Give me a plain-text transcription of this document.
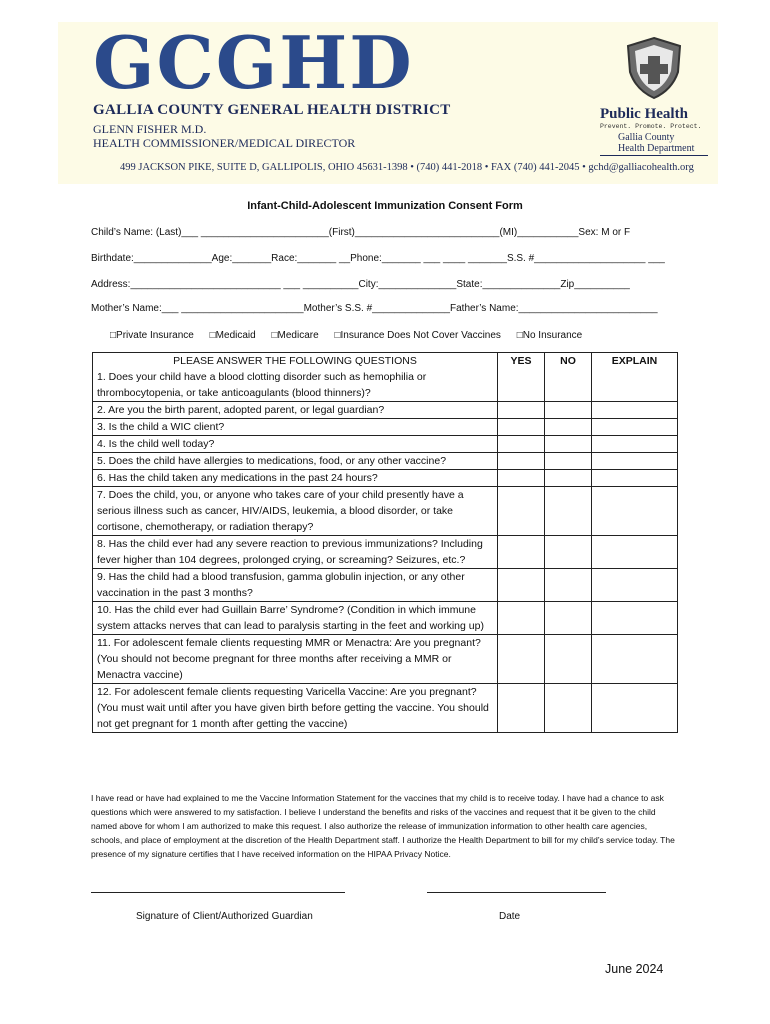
GCGHD
GALLIA COUNTY GENERAL HEALTH DISTRICT
GLENN FISHER M.D.
HEALTH COMMISSIONER/MEDICAL DIRECTOR
499 JACKSON PIKE, SUITE D, GALLIPOLIS, OHIO 45631-1398 • (740) 441-2018 • FAX (740) 441-2045 • gchd@galliacohealth.org
Public Health
Prevent. Promote. Protect.
Gallia County
Health Department
Infant-Child-Adolescent Immunization Consent Form
Child’s Name: (Last)___ _______________________(First)__________________________(MI)___________Sex: M or F
Birthdate:______________Age:_______Race:_______ __Phone:_______ ___ ____ _______S.S. #____________________ ___
Address:___________________________ ___ __________City:______________State:______________Zip__________
Mother’s Name:___ ______________________Mother’s S.S. #______________Father’s Name:_________________________
□Private Insurance □Medicaid □Medicare □Insurance Does Not Cover Vaccines □No Insurance
PLEASE ANSWER THE FOLLOWING QUESTIONS	YES	NO	EXPLAIN
1. Does your child have a blood clotting disorder such as hemophilia or thrombocytopenia, or take anticoagulants (blood thinners)?			
2. Are you the birth parent, adopted parent, or legal guardian?			
3. Is the child a WIC client?			
4. Is the child well today?			
5. Does the child have allergies to medications, food, or any other vaccine?			
6. Has the child taken any medications in the past 24 hours?			
7. Does the child, you, or anyone who takes care of your child presently have a serious illness such as cancer, HIV/AIDS, leukemia, a blood disorder, or take cortisone, chemotherapy, or radiation therapy?			
8. Has the child ever had any severe reaction to previous immunizations? Including fever higher than 104 degrees, prolonged crying, or screaming? Seizures, etc.?			
9. Has the child had a blood transfusion, gamma globulin injection, or any other vaccination in the past 3 months?			
10. Has the child ever had Guillain Barre’ Syndrome? (Condition in which immune system attacks nerves that can lead to paralysis starting in the feet and working up)			
11. For adolescent female clients requesting MMR or Menactra: Are you pregnant? (You should not become pregnant for three months after receiving a MMR or Menactra vaccine)			
12. For adolescent female clients requesting Varicella Vaccine: Are you pregnant? (You must wait until after you have given birth before getting the vaccine. You should not get pregnant for 1 month after getting the vaccine)			
I have read or have had explained to me the Vaccine Information Statement for the vaccines that my child is to receive today. I have had a chance to ask questions which were answered to my satisfaction. I believe I understand the benefits and risks of the vaccines and request that it be given to the child named above for whom I am authorized to make this request. I also authorize the release of immunization information to other health care agencies, schools, and place of employment at the discretion of the Health Department staff. I authorize the Health Department to bill for my child’s service today. The presence of my signature certifies that I have received information on the HIPAA Privacy Notice.
Signature of Client/Authorized Guardian	Date
June 2024
